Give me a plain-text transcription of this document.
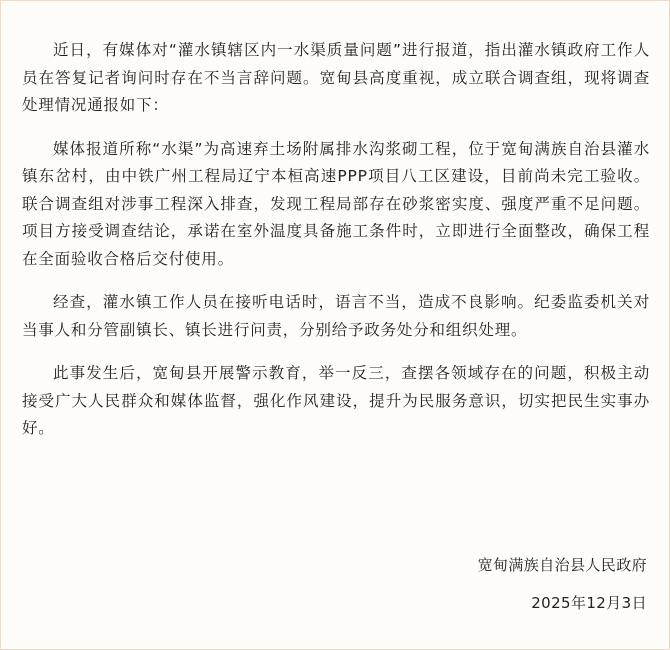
近日，有媒体对“灌水镇辖区内一水渠质量问题”进行报道，指出灌水镇政府工作人员在答复记者询问时存在不当言辞问题。宽甸县高度重视，成立联合调查组，现将调查处理情况通报如下：

媒体报道所称“水渠”为高速弃土场附属排水沟浆砌工程，位于宽甸满族自治县灌水镇东岔村，由中铁广州工程局辽宁本桓高速PPP项目八工区建设，目前尚未完工验收。联合调查组对涉事工程深入排查，发现工程局部存在砂浆密实度、强度严重不足问题。项目方接受调查结论，承诺在室外温度具备施工条件时，立即进行全面整改，确保工程在全面验收合格后交付使用。

经查，灌水镇工作人员在接听电话时，语言不当，造成不良影响。纪委监委机关对当事人和分管副镇长、镇长进行问责，分别给予政务处分和组织处理。

此事发生后，宽甸县开展警示教育，举一反三，查摆各领域存在的问题，积极主动接受广大人民群众和媒体监督，强化作风建设，提升为民服务意识，切实把民生实事办好。

宽甸满族自治县人民政府

2025年12月3日
